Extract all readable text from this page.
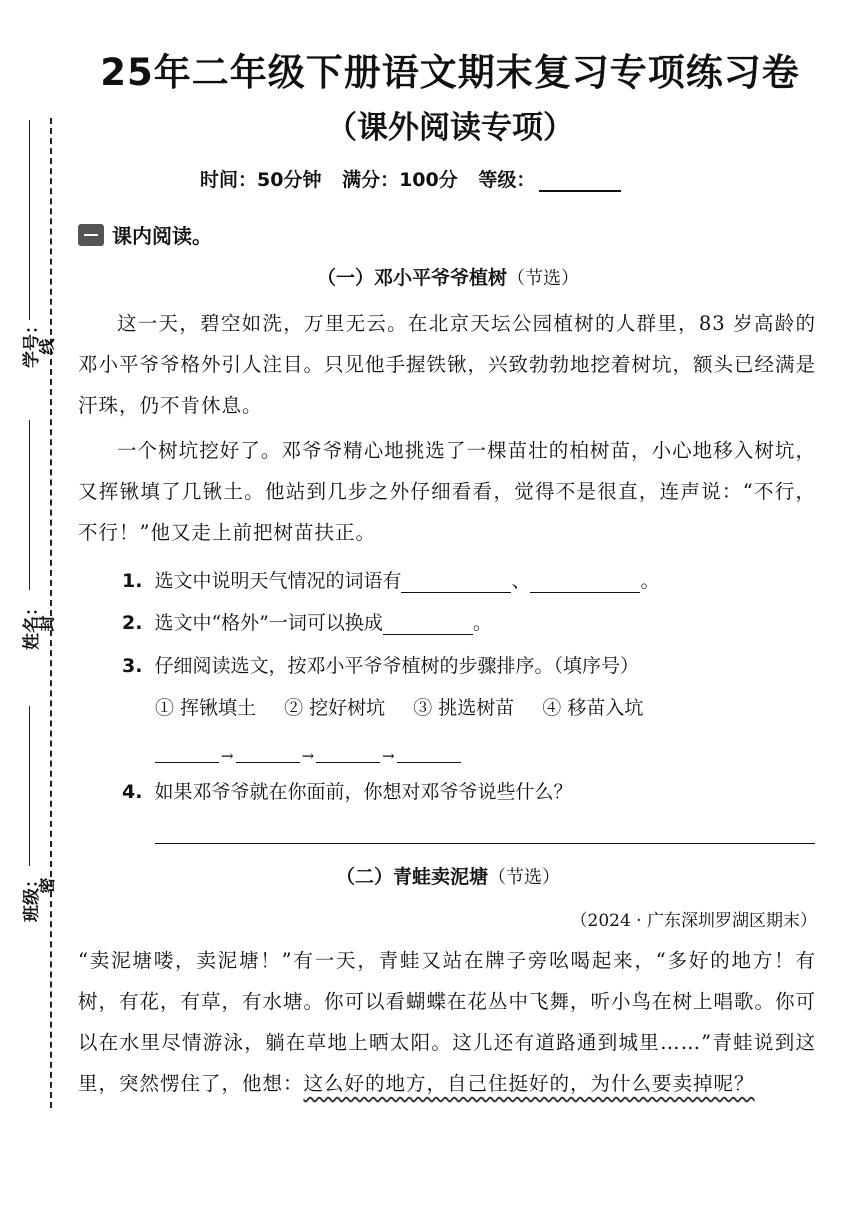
25年二年级下册语文期末复习专项练习卷
（课外阅读专项）
时间：50分钟 满分：100分 等级：
学号：
线
姓名：
封
班级：
密
课内阅读。
（一）邓小平爷爷植树（节选）
这一天，碧空如洗，万里无云。在北京天坛公园植树的人群里，83 岁高龄的邓小平爷爷格外引人注目。只见他手握铁锹，兴致勃勃地挖着树坑，额头已经满是汗珠，仍不肯休息。
一个树坑挖好了。邓爷爷精心地挑选了一棵苗壮的柏树苗，小心地移入树坑，又挥锹填了几锹土。他站到几步之外仔细看看，觉得不是很直，连声说：“不行，不行！”他又走上前把树苗扶正。
1. 选文中说明天气情况的词语有	、	。
2. 选文中“格外”一词可以换成	。
3. 仔细阅读选文，按邓小平爷爷植树的步骤排序。（填序号）
① 挥锹填土 ② 挖好树坑 ③ 挑选树苗 ④ 移苗入坑
→	→	→
4. 如果邓爷爷就在你面前，你想对邓爷爷说些什么？
（二）青蛙卖泥塘（节选）
（2024 · 广东深圳罗湖区期末）
“卖泥塘喽，卖泥塘！”有一天，青蛙又站在牌子旁吆喝起来，“多好的地方！有树，有花，有草，有水塘。你可以看蝴蝶在花丛中飞舞，听小鸟在树上唱歌。你可以在水里尽情游泳，躺在草地上晒太阳。这儿还有道路通到城里……”青蛙说到这里，突然愣住了，他想：这么好的地方，自己住挺好的，为什么要卖掉呢？
